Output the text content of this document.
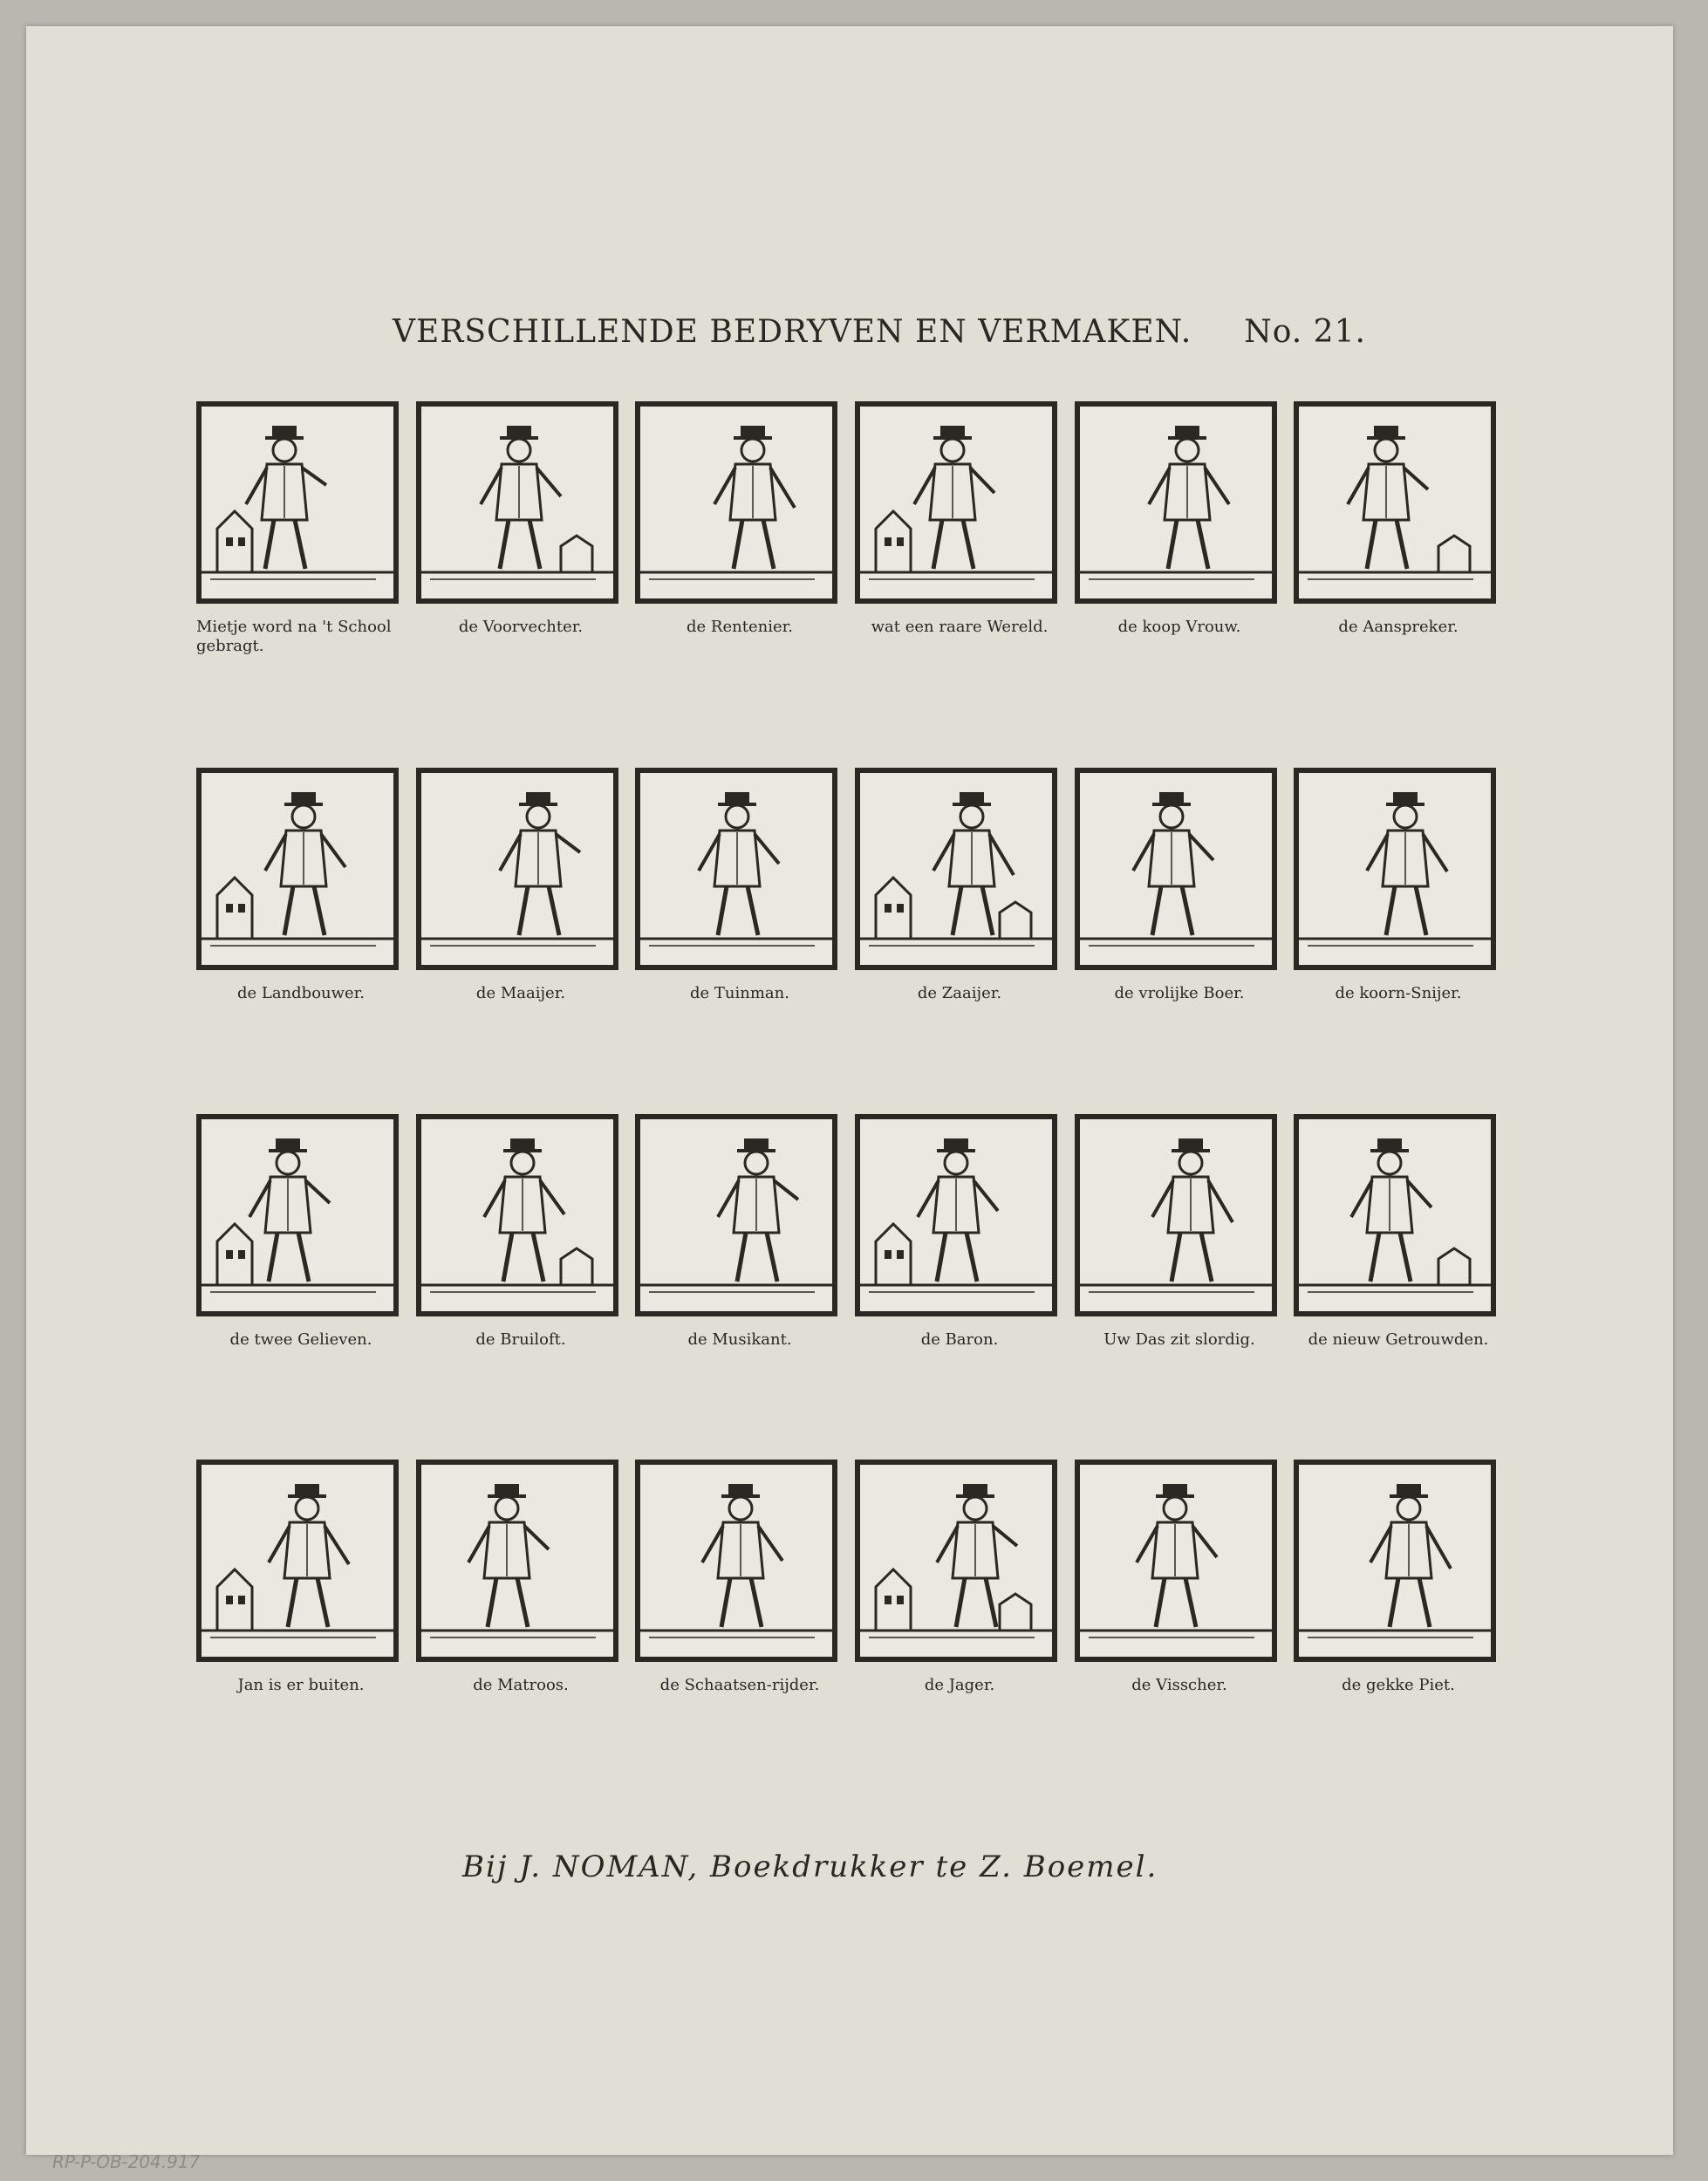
VERSCHILLENDE BEDRYVEN EN VERMAKEN. No. 21.
Mietje word na 't School gebragt.
de Voorvechter.	de Rentenier.	wat een raare Wereld.	de koop Vrouw.	de Aanspreker.
de Landbouwer.	de Maaijer.	de Tuinman.	de Zaaijer.	de vrolijke Boer.	de koorn-Snijer.
de twee Gelieven.	de Bruiloft.	de Musikant.	de Baron.	Uw Das zit slordig.	de nieuw Getrouwden.
Jan is er buiten.	de Matroos.	de Schaatsen-rijder.	de Jager.	de Visscher.	de gekke Piet.
Bij J. NOMAN, Boekdrukker te Z. Boemel.
RP-P-OB-204.917
